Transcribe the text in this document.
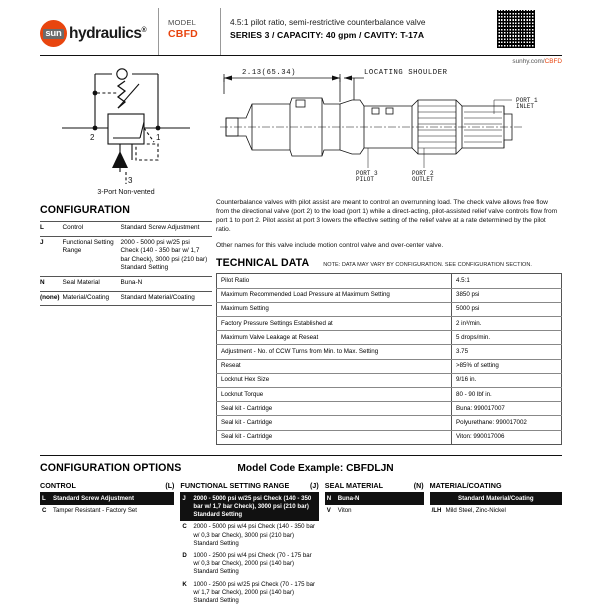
sun hydraulics®
MODEL
CBFD
4.5:1 pilot ratio, semi-restrictive counterbalance valve
SERIES 3 / CAPACITY: 40 gpm / CAVITY: T-17A
sunhy.com/CBFD
2	1
3
3-Port Non-vented
2.13(65.34)	LOCATING SHOULDER
PORT 3
PILOT
PORT 2
OUTLET
PORT 1
INLET
CONFIGURATION
L	Control	Standard Screw Adjustment
J	Functional Setting Range	2000 - 5000 psi w/25 psi Check (140 - 350 bar w/ 1,7 bar Check), 3000 psi (210 bar) Standard Setting
N	Seal Material	Buna-N
(none)	Material/Coating	Standard Material/Coating

Counterbalance valves with pilot assist are meant to control an overrunning load. The check valve allows free flow from the directional valve (port 2) to the load (port 1) while a direct-acting, pilot-assisted relief valve controls flow from port 1 to port 2. Pilot assist at port 3 lowers the effective setting of the relief valve at a rate determined by the pilot ratio.

Other names for this valve include motion control valve and over-center valve.

TECHNICAL DATA	NOTE: DATA MAY VARY BY CONFIGURATION. SEE CONFIGURATION SECTION.
Pilot Ratio	4.5:1
Maximum Recommended Load Pressure at Maximum Setting	3850 psi
Maximum Setting	5000 psi
Factory Pressure Settings Established at	2 in³/min.
Maximum Valve Leakage at Reseat	5 drops/min.
Adjustment - No. of CCW Turns from Min. to Max. Setting	3.75
Reseat	>85% of setting
Locknut Hex Size	9/16 in.
Locknut Torque	80 - 90 lbf in.
Seal kit - Cartridge	Buna: 990017007
Seal kit - Cartridge	Polyurethane: 990017002
Seal kit - Cartridge	Viton: 990017006
CONFIGURATION OPTIONS	Model Code Example: CBFDLJN
CONTROL	(L)
L	Standard Screw Adjustment
C	Tamper Resistant - Factory Set
FUNCTIONAL SETTING RANGE	(J)
J	2000 - 5000 psi w/25 psi Check (140 - 350 bar w/ 1,7 bar Check), 3000 psi (210 bar) Standard Setting
C	2000 - 5000 psi w/4 psi Check (140 - 350 bar w/ 0,3 bar Check), 3000 psi (210 bar) Standard Setting
D	1000 - 2500 psi w/4 psi Check (70 - 175 bar w/ 0,3 bar Check), 2000 psi (140 bar) Standard Setting
K	1000 - 2500 psi w/25 psi Check (70 - 175 bar w/ 1,7 bar Check), 2000 psi (140 bar) Standard Setting
SEAL MATERIAL	(N)
N	Buna-N
V	Viton
MATERIAL/COATING
Standard Material/Coating
/LH Mild Steel, Zinc-Nickel
